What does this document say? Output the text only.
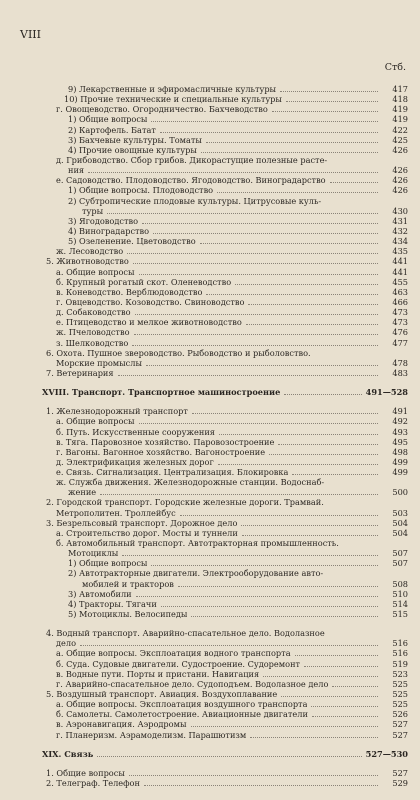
VIII
Стб.
9) Лекарственные и эфиромасличные культуры	417
10) Прочие технические и специальные культуры	418
г. Овощеводство. Огородничество. Бахчеводство	419
1) Общие вопросы	419
2) Картофель. Батат	422
3) Бахчевые культуры. Томаты	425
4) Прочие овощные культуры	426
д. Грибоводство. Сбор грибов. Дикорастущие полезные расте-
ния	426
е. Садоводство. Плодоводство. Ягодоводство. Виноградарство	426
1) Общие вопросы. Плодоводство	426
2) Субтропические плодовые культуры. Цитрусовые куль-
туры	430
3) Ягодоводство	431
4) Виноградарство	432
5) Озеленение. Цветоводство	434
ж. Лесоводство	435
5. Животноводство	441
а. Общие вопросы	441
б. Крупный рогатый скот. Оленеводство	455
в. Коневодство. Верблюдоводство	463
г. Овцеводство. Козоводство. Свиноводство	466
д. Собаководство	473
е. Птицеводство и мелкое животноводство	473
ж. Пчеловодство	476
з. Шелководство	477
6. Охота. Пушное звероводство. Рыбоводство и рыболовство.
Морские промыслы	478
7. Ветеринария	483
XVIII. Транспорт. Транспортное машиностроение	491—528
1. Железнодорожный транспорт	491
а. Общие вопросы	492
б. Путь. Искусственные сооружения	493
в. Тяга. Паровозное хозяйство. Паровозостроение	495
г. Вагоны. Вагонное хозяйство. Вагоностроение	498
д. Электрификация железных дорог	499
е. Связь. Сигнализация. Централизация. Блокировка	499
ж. Служба движения. Железнодорожные станции. Водоснаб-
жение	500
2. Городской транспорт. Городские железные дороги. Трамвай.
Метрополитен. Троллейбус	503
3. Безрельсовый транспорт. Дорожное дело	504
а. Строительство дорог. Мосты и туннели	504
б. Автомобильный транспорт. Автотракторная промышленность.
Мотоциклы	507
1) Общие вопросы	507
2) Автотракторные двигатели. Электрооборудование авто-
мобилей и тракторов	508
3) Автомобили	510
4) Тракторы. Тягачи	514
5) Мотоциклы. Велосипеды	515
4. Водный транспорт. Аварийно-спасательное дело. Водолазное
дело	516
а. Общие вопросы. Эксплоатация водного транспорта	516
б. Суда. Судовые двигатели. Судостроение. Судоремонт	519
в. Водные пути. Порты и пристани. Навигация	523
г. Аварийно-спасательное дело. Судоподъем. Водолазное дело	525
5. Воздушный транспорт. Авиация. Воздухоплавание	525
а. Общие вопросы. Эксплоатация воздушного транспорта	525
б. Самолеты. Самолетостроение. Авиационные двигатели	526
в. Аэронавигация. Аэродромы	527
г. Планеризм. Аэрамоделизм. Парашютизм	527
XIX. Связь	527—530
1. Общие вопросы	527
2. Телеграф. Телефон	529
